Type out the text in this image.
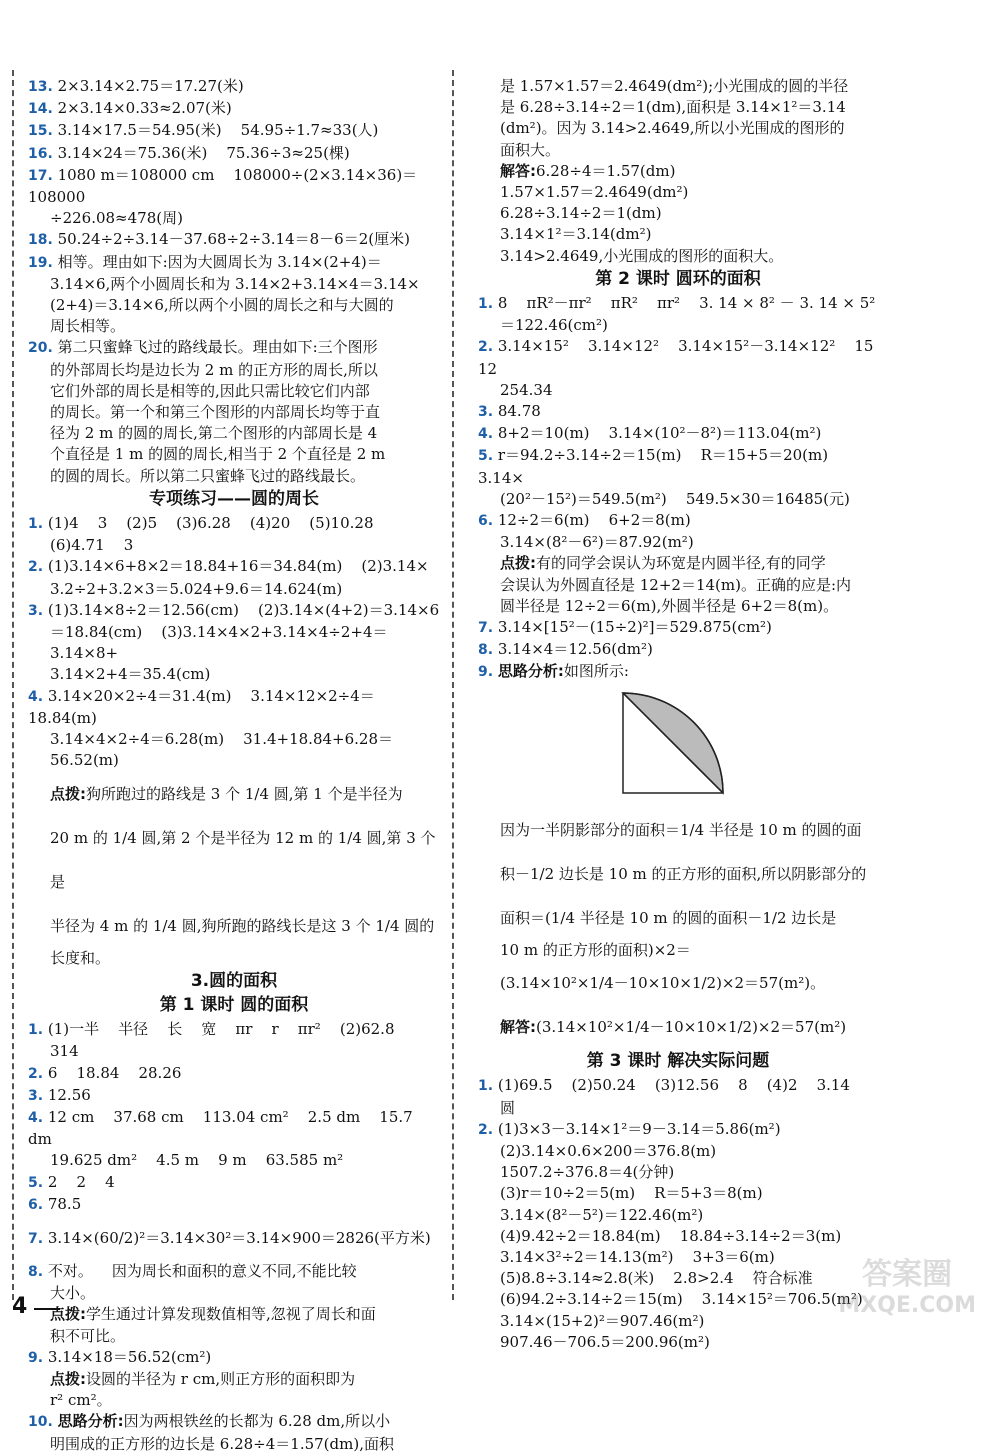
13. 2×3.14×2.75＝17.27(米)
14. 2×3.14×0.33≈2.07(米)
15. 3.14×17.5＝54.95(米)    54.95÷1.7≈33(人)
16. 3.14×24＝75.36(米)    75.36÷3≈25(棵)
17. 1080 m＝108000 cm    108000÷(2×3.14×36)＝108000
÷226.08≈478(周)
18. 50.24÷2÷3.14－37.68÷2÷3.14＝8－6＝2(厘米)
19. 相等。理由如下:因为大圆周长为 3.14×(2+4)＝
3.14×6,两个小圆周长和为 3.14×2+3.14×4＝3.14×
(2+4)＝3.14×6,所以两个小圆的周长之和与大圆的
周长相等。
20. 第二只蜜蜂飞过的路线最长。理由如下:三个图形
的外部周长均是边长为 2 m 的正方形的周长,所以
它们外部的周长是相等的,因此只需比较它们内部
的周长。第一个和第三个图形的内部周长均等于直
径为 2 m 的圆的周长,第二个图形的内部周长是 4
个直径是 1 m 的圆的周长,相当于 2 个直径是 2 m
的圆的周长。所以第二只蜜蜂飞过的路线最长。
专项练习——圆的周长
1. (1)4    3    (2)5    (3)6.28    (4)20    (5)10.28
(6)4.71    3
2. (1)3.14×6+8×2＝18.84+16＝34.84(m)    (2)3.14×
3.2÷2+3.2×3＝5.024+9.6＝14.624(m)
3. (1)3.14×8÷2＝12.56(cm)    (2)3.14×(4+2)＝3.14×6
＝18.84(cm)    (3)3.14×4×2+3.14×4÷2+4＝3.14×8+
3.14×2+4＝35.4(cm)
4. 3.14×20×2÷4＝31.4(m)    3.14×12×2÷4＝18.84(m)
3.14×4×2÷4＝6.28(m)    31.4+18.84+6.28＝56.52(m)
点拨:狗所跑过的路线是 3 个 1/4 圆,第 1 个是半径为
20 m 的 1/4 圆,第 2 个是半径为 12 m 的 1/4 圆,第 3 个是
半径为 4 m 的 1/4 圆,狗所跑的路线长是这 3 个 1/4 圆的
长度和。
3.圆的面积
第 1 课时 圆的面积
1. (1)一半    半径    长    宽    πr    r    πr²    (2)62.8
314
2. 6    18.84    28.26
3. 12.56
4. 12 cm    37.68 cm    113.04 cm²    2.5 dm    15.7 dm
19.625 dm²    4.5 m    9 m    63.585 m²
5. 2    2    4
6. 78.5
7. 3.14×(60/2)²＝3.14×30²＝3.14×900＝2826(平方米)
8. 不对。    因为周长和面积的意义不同,不能比较
大小。
点拨:学生通过计算发现数值相等,忽视了周长和面
积不可比。
9. 3.14×18＝56.52(cm²)
点拨:设圆的半径为 r cm,则正方形的面积即为
r² cm²。
10. 思路分析:因为两根铁丝的长都为 6.28 dm,所以小
明围成的正方形的边长是 6.28÷4＝1.57(dm),面积
是 1.57×1.57＝2.4649(dm²);小光围成的圆的半径
是 6.28÷3.14÷2＝1(dm),面积是 3.14×1²＝3.14
(dm²)。因为 3.14>2.4649,所以小光围成的图形的
面积大。
解答:6.28÷4＝1.57(dm)
1.57×1.57＝2.4649(dm²)
6.28÷3.14÷2＝1(dm)
3.14×1²＝3.14(dm²)
3.14>2.4649,小光围成的图形的面积大。
第 2 课时 圆环的面积
1. 8    πR²－πr²    πR²    πr²    3. 14 × 8² － 3. 14 × 5²
＝122.46(cm²)
2. 3.14×15²    3.14×12²    3.14×15²－3.14×12²    15    12
254.34
3. 84.78
4. 8+2＝10(m)    3.14×(10²－8²)＝113.04(m²)
5. r＝94.2÷3.14÷2＝15(m)    R＝15+5＝20(m)    3.14×
(20²－15²)＝549.5(m²)    549.5×30＝16485(元)
6. 12÷2＝6(m)    6+2＝8(m)
3.14×(8²－6²)＝87.92(m²)
点拨:有的同学会误认为环宽是内圆半径,有的同学
会误认为外圆直径是 12+2＝14(m)。正确的应是:内
圆半径是 12÷2＝6(m),外圆半径是 6+2＝8(m)。
7. 3.14×[15²－(15÷2)²]＝529.875(cm²)
8. 3.14×4＝12.56(dm²)
9. 思路分析:如图所示:
因为一半阴影部分的面积＝1/4 半径是 10 m 的圆的面
积－1/2 边长是 10 m 的正方形的面积,所以阴影部分的
面积＝(1/4 半径是 10 m 的圆的面积－1/2 边长是
10 m 的正方形的面积)×2＝
(3.14×10²×1/4－10×10×1/2)×2＝57(m²)。
解答:(3.14×10²×1/4－10×10×1/2)×2＝57(m²)
第 3 课时 解决实际问题
1. (1)69.5    (2)50.24    (3)12.56    8    (4)2    3.14
圆
2. (1)3×3－3.14×1²＝9－3.14＝5.86(m²)
(2)3.14×0.6×200＝376.8(m)
1507.2÷376.8＝4(分钟)
(3)r＝10÷2＝5(m)    R＝5+3＝8(m)
3.14×(8²－5²)＝122.46(m²)
(4)9.42÷2＝18.84(m)    18.84÷3.14÷2＝3(m)
3.14×3²÷2＝14.13(m²)    3+3＝6(m)
(5)8.8÷3.14≈2.8(米)    2.8>2.4    符合标准
(6)94.2÷3.14÷2＝15(m)    3.14×15²＝706.5(m²)
3.14×(15+2)²＝907.46(m²)
907.46－706.5＝200.96(m²)
4
答案圈
MXQE.COM
